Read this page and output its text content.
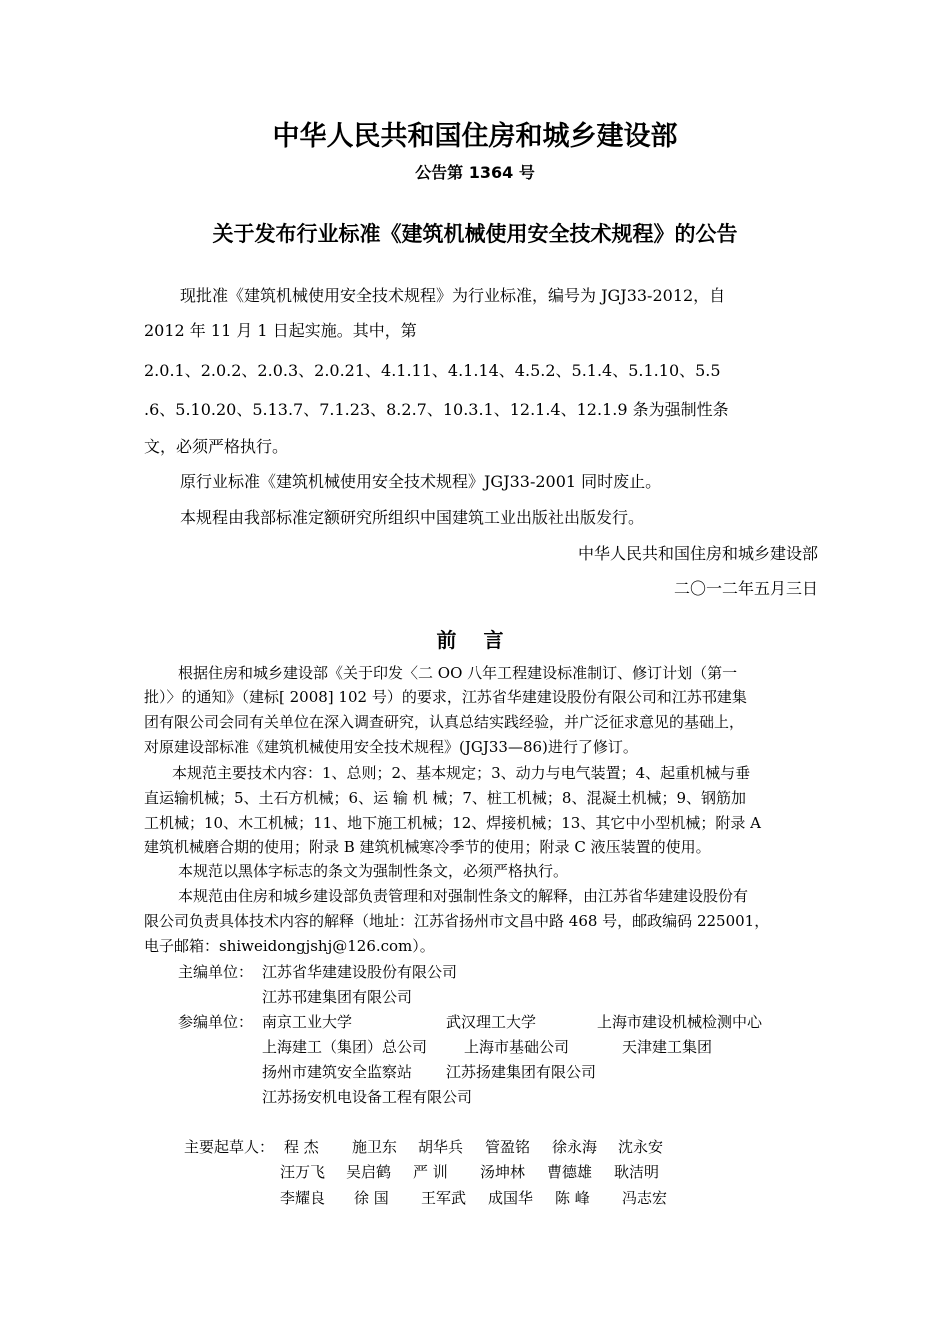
中华人民共和国住房和城乡建设部
公告第 1364 号
关于发布行业标准《建筑机械使用安全技术规程》的公告
现批准《建筑机械使用安全技术规程》为行业标准，编号为 JGJ33-2012，自
2012 年 11 月 1 日起实施。其中，第
2.0.1、2.0.2、2.0.3、2.0.21、4.1.11、4.1.14、4.5.2、5.1.4、5.1.10、5.5
.6、5.10.20、5.13.7、7.1.23、8.2.7、10.3.1、12.1.4、12.1.9 条为强制性条
文，必须严格执行。
原行业标准《建筑机械使用安全技术规程》JGJ33-2001 同时废止。
本规程由我部标准定额研究所组织中国建筑工业出版社出版发行。
中华人民共和国住房和城乡建设部
二〇一二年五月三日
前 言
根据住房和城乡建设部《关于印发〈二 OO 八年工程建设标准制订、修订计划（第一
批）〉的通知》（建标[ 2008] 102 号）的要求，江苏省华建建设股份有限公司和江苏邗建集
团有限公司会同有关单位在深入调查研究，认真总结实践经验，并广泛征求意见的基础上，
对原建设部标准《建筑机械使用安全技术规程》(JGJ33—86)进行了修订。
本规范主要技术内容：1、总则；2、基本规定；3、动力与电气装置；4、起重机械与垂
直运输机械；5、土石方机械；6、运 输 机 械；7、桩工机械；8、混凝土机械；9、钢筋加
工机械；10、木工机械；11、地下施工机械；12、焊接机械；13、其它中小型机械；附录 A
建筑机械磨合期的使用；附录 B 建筑机械寒冷季节的使用；附录 C 液压装置的使用。
本规范以黑体字标志的条文为强制性条文，必须严格执行。
本规范由住房和城乡建设部负责管理和对强制性条文的解释，由江苏省华建建设股份有
限公司负责具体技术内容的解释（地址：江苏省扬州市文昌中路 468 号，邮政编码 225001，
电子邮箱：shiweidongjshj@126.com）。
主编单位： 江苏省华建建设股份有限公司
江苏邗建集团有限公司
参编单位： 南京工业大学	武汉理工大学	上海市建设机械检测中心
上海建工（集团）总公司 上海市基础公司	天津建工集团
扬州市建筑安全监察站 江苏扬建集团有限公司
江苏扬安机电设备工程有限公司
主要起草人： 程 杰 施卫东 胡华兵 管盈铭 徐永海 沈永安
汪万飞 吴启鹤 严 训 汤坤林 曹德雄 耿洁明
李耀良 徐 国 王军武 成国华 陈 峰 冯志宏
